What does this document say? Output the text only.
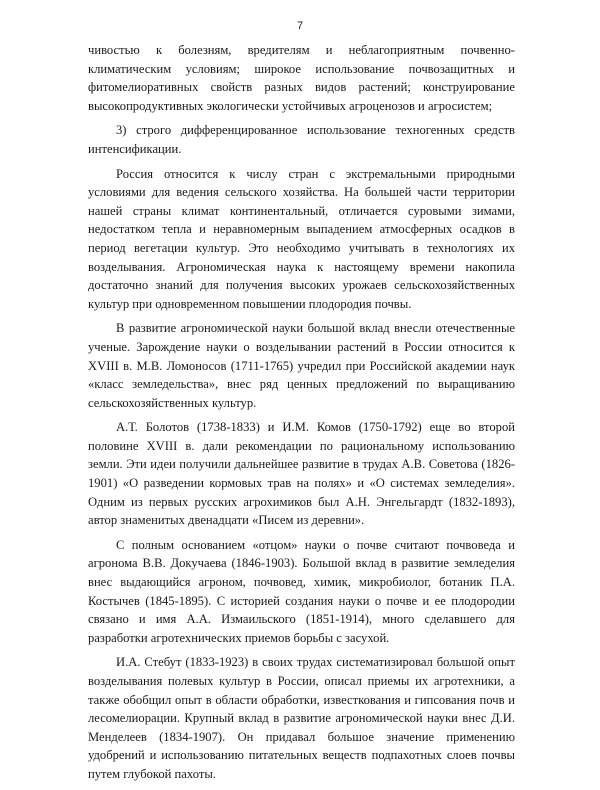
7

чивостью к болезням, вредителям и неблагоприятным почвенно-климатическим условиям; широкое использование почвозащитных и фитомелиоративных свойств разных видов растений; конструирование высокопродуктивных экологически устойчивых агроценозов и агросистем;

3) строго дифференцированное использование техногенных средств интенсификации.

Россия относится к числу стран с экстремальными природными условиями для ведения сельского хозяйства. На большей части территории нашей страны климат континентальный, отличается суровыми зимами, недостатком тепла и неравномерным выпадением атмосферных осадков в период вегетации культур. Это необходимо учитывать в технологиях их возделывания. Агрономическая наука к настоящему времени накопила достаточно знаний для получения высоких урожаев сельскохозяйственных культур при одновременном повышении плодородия почвы.

В развитие агрономической науки большой вклад внесли отечественные ученые. Зарождение науки о возделывании растений в России относится к XVIII в. М.В. Ломоносов (1711-1765) учредил при Российской академии наук «класс земледельства», внес ряд ценных предложений по выращиванию сельскохозяйственных культур.

А.Т. Болотов (1738-1833) и И.М. Комов (1750-1792) еще во второй половине XVIII в. дали рекомендации по рациональному использованию земли. Эти идеи получили дальнейшее развитие в трудах А.В. Советова (1826-1901) «О разведении кормовых трав на полях» и «О системах земледелия». Одним из первых русских агрохимиков был А.Н. Энгельгардт (1832-1893), автор знаменитых двенадцати «Писем из деревни».

С полным основанием «отцом» науки о почве считают почвоведа и агронома В.В. Докучаева (1846-1903). Большой вклад в развитие земледелия внес выдающийся агроном, почвовед, химик, микробиолог, ботаник П.А. Костычев (1845-1895). С историей создания науки о почве и ее плодородии связано и имя А.А. Измаильского (1851-1914), много сделавшего для разработки агротехнических приемов борьбы с засухой.

И.А. Стебут (1833-1923) в своих трудах систематизировал большой опыт возделывания полевых культур в России, описал приемы их агротехники, а также обобщил опыт в области обработки, известкования и гипсования почв и лесомелиорации. Крупный вклад в развитие агрономической науки внес Д.И. Менделеев (1834-1907). Он придавал большое значение применению удобрений и использованию питательных веществ подпахотных слоев почвы путем глубокой пахоты.
